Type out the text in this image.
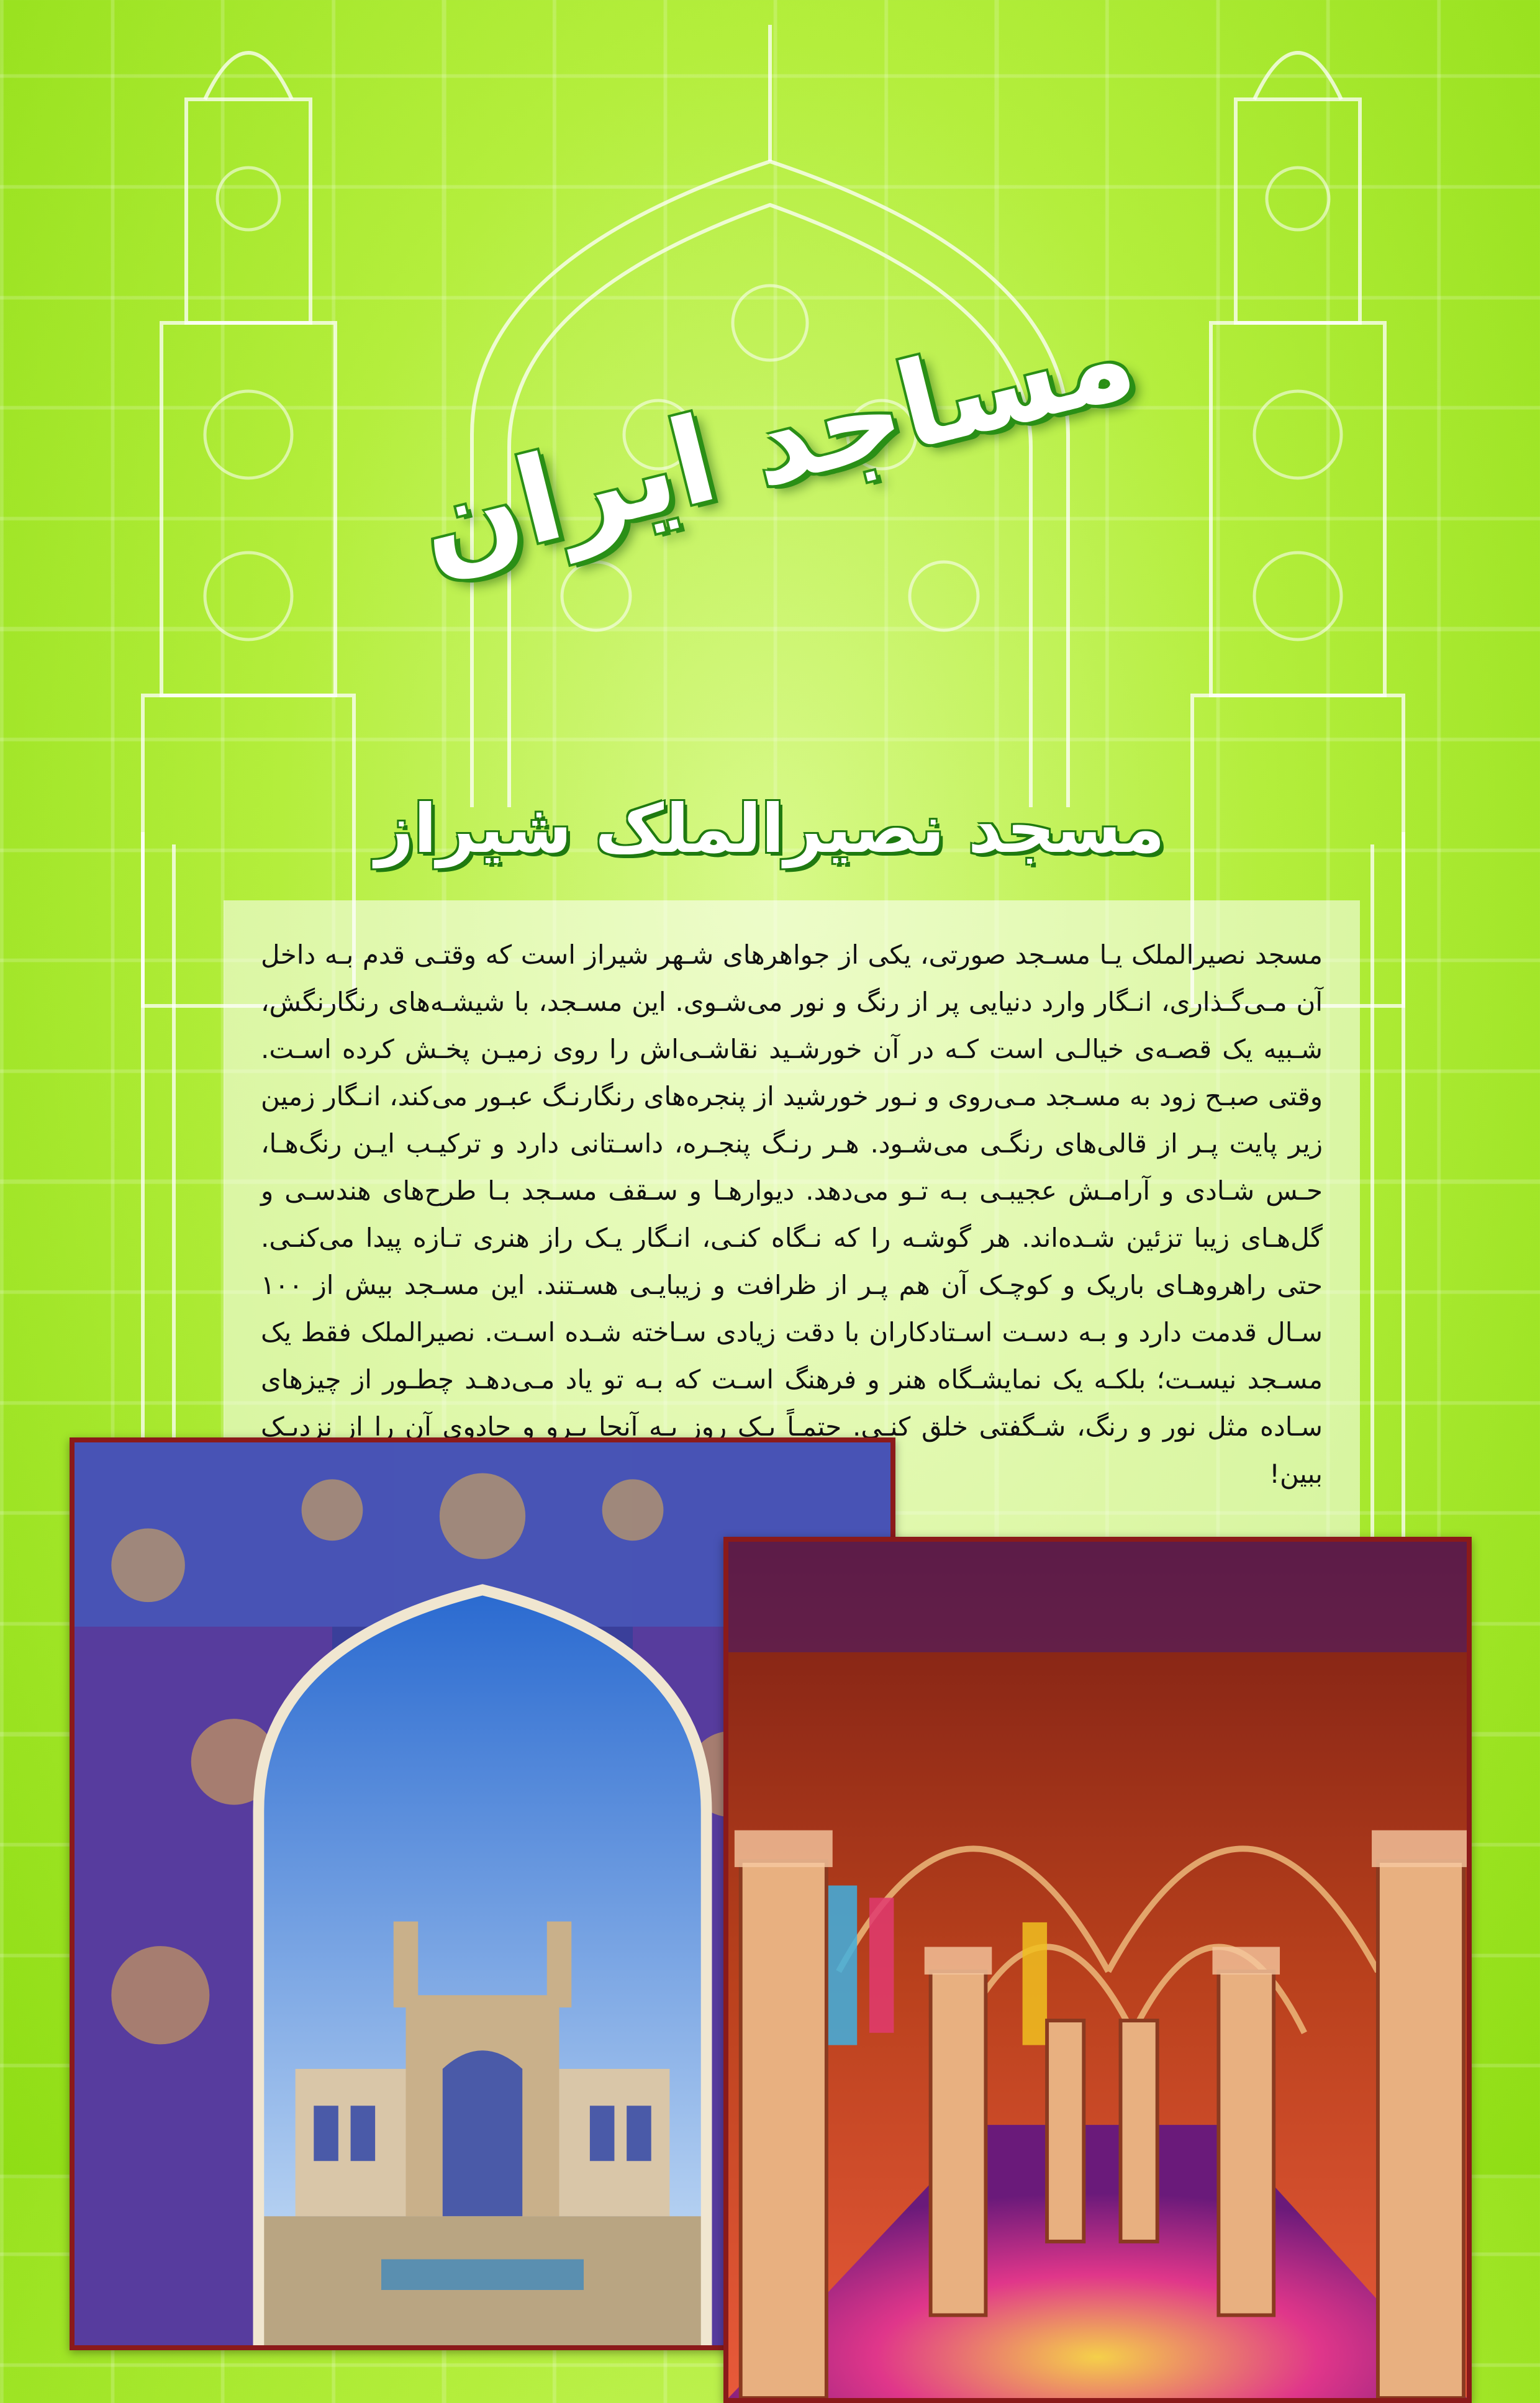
مساجد ایران
مسجد نصیرالملک شیراز

مسجد نصیرالملک یـا مسـجد صورتی، یکی از جواهرهای شـهر شیراز است که وقتـی قدم بـه داخل آن مـی‌گـذاری، انـگار وارد دنیایی پر از رنگ و نور می‌شـوی. این مسـجد، با شیشـه‌های رنگارنگش، شـبیه یک قصـه‌ی خیالـی است کـه در آن خورشـید نقاشـی‌اش را روی زمیـن پخـش کرده اسـت. وقتی صبـح زود به مسـجد مـی‌روی و نـور خورشید از پنجره‌های رنگارنـگ عبـور می‌کند، انـگار زمین زیر پایت پـر از قالی‌های رنگـی می‌شـود. هـر رنـگ پنجـره، داسـتانی دارد و ترکیـب ایـن رنگ‌هـا، حـس شـادی و آرامـش عجیبـی بـه تـو می‌دهد. دیوارهـا و سـقف مسـجد بـا طرح‌های هندسـی و گل‌هـای زیبا تزئین شـده‌اند. هر گوشـه را که نـگاه کنـی، انـگار یـک راز هنری تـازه پیدا می‌کنـی. حتی راهروهـای باریک و کوچـک آن هم پـر از ظرافت و زیبایـی هسـتند. این مسـجد بیش از ۱۰۰ سـال قدمت دارد و بـه دسـت اسـتادکاران با دقت زیادی سـاخته شـده اسـت. نصیرالملک فقط یک مسـجد نیسـت؛ بلکـه یک نمایشـگاه هنر و فرهنگ اسـت که بـه تو یاد مـی‌دهـد چطـور از چیزهای سـاده مثل نور و رنگ، شـگفتی خلق کنـی. حتمـاً یـک روز بـه آنجا بـرو و جادوی آن را از نزدیـک ببین!
